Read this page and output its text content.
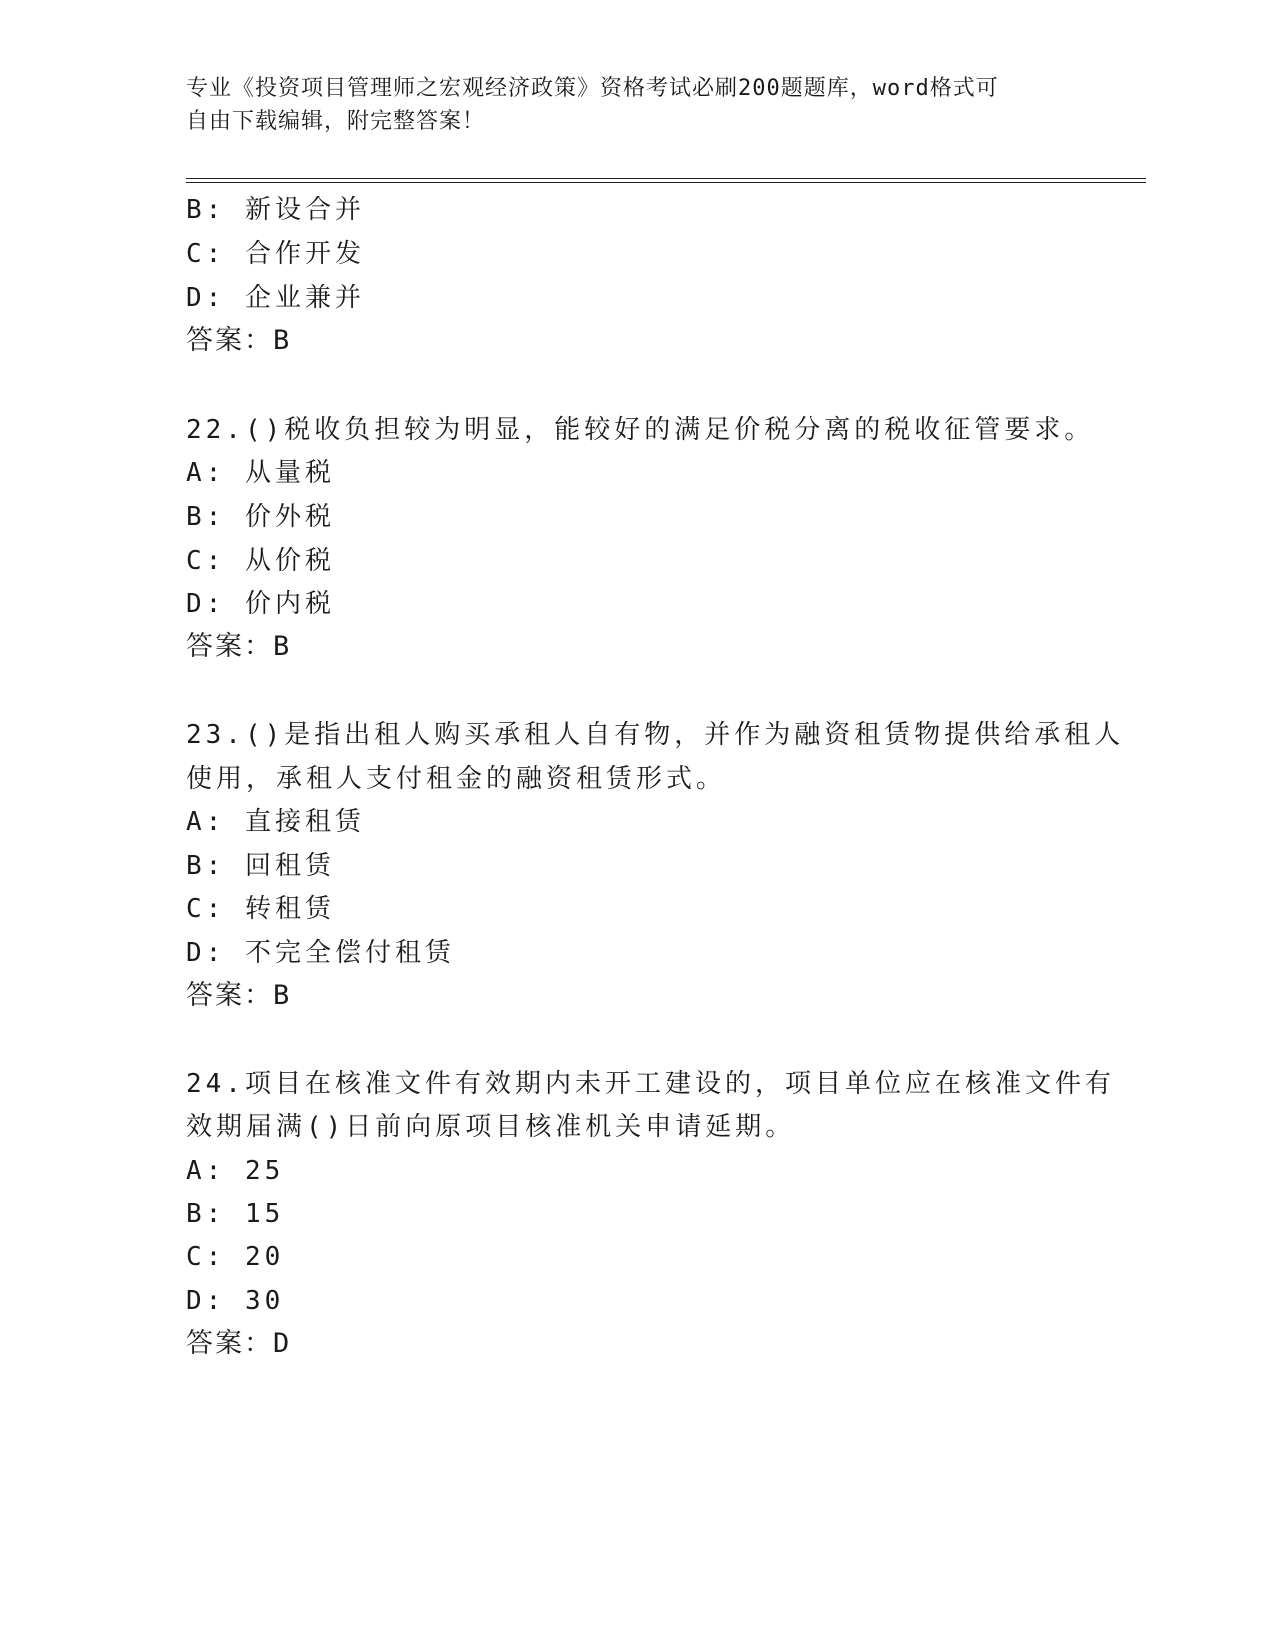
专业《投资项目管理师之宏观经济政策》资格考试必刷200题题库，word格式可
自由下载编辑，附完整答案！
B: 新设合并
C: 合作开发
D: 企业兼并
答案：B
22.()税收负担较为明显，能较好的满足价税分离的税收征管要求。
A: 从量税
B: 价外税
C: 从价税
D: 价内税
答案：B
23.()是指出租人购买承租人自有物，并作为融资租赁物提供给承租人
使用，承租人支付租金的融资租赁形式。
A: 直接租赁
B: 回租赁
C: 转租赁
D: 不完全偿付租赁
答案：B
24.项目在核准文件有效期内未开工建设的，项目单位应在核准文件有
效期届满()日前向原项目核准机关申请延期。
A: 25
B: 15
C: 20
D: 30
答案：D
